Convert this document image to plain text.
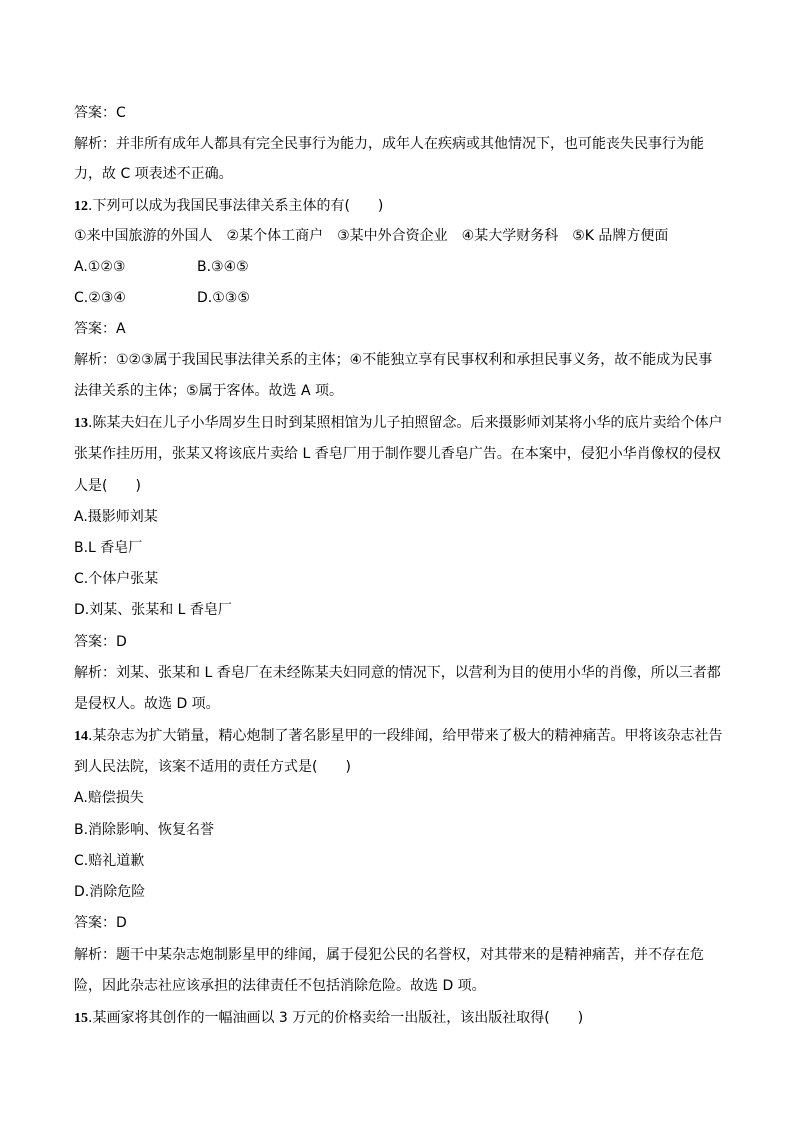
答案：C
解析：并非所有成年人都具有完全民事行为能力，成年人在疾病或其他情况下，也可能丧失民事行为能
力，故 C 项表述不正确。
12.下列可以成为我国民事法律关系主体的有(　　)
①来中国旅游的外国人　②某个体工商户　③某中外合资企业　④某大学财务科　⑤K 品牌方便面
A.①②③	B.③④⑤
C.②③④	D.①③⑤
答案：A
解析：①②③属于我国民事法律关系的主体；④不能独立享有民事权利和承担民事义务，故不能成为民事
法律关系的主体；⑤属于客体。故选 A 项。
13.陈某夫妇在儿子小华周岁生日时到某照相馆为儿子拍照留念。后来摄影师刘某将小华的底片卖给个体户
张某作挂历用，张某又将该底片卖给 L 香皂厂用于制作婴儿香皂广告。在本案中，侵犯小华肖像权的侵权
人是(　　)
A.摄影师刘某
B.L 香皂厂
C.个体户张某
D.刘某、张某和 L 香皂厂
答案：D
解析：刘某、张某和 L 香皂厂在未经陈某夫妇同意的情况下，以营利为目的使用小华的肖像，所以三者都
是侵权人。故选 D 项。
14.某杂志为扩大销量，精心炮制了著名影星甲的一段绯闻，给甲带来了极大的精神痛苦。甲将该杂志社告
到人民法院，该案不适用的责任方式是(　　)
A.赔偿损失
B.消除影响、恢复名誉
C.赔礼道歉
D.消除危险
答案：D
解析：题干中某杂志炮制影星甲的绯闻，属于侵犯公民的名誉权，对其带来的是精神痛苦，并不存在危
险，因此杂志社应该承担的法律责任不包括消除危险。故选 D 项。
15.某画家将其创作的一幅油画以 3 万元的价格卖给一出版社，该出版社取得(　　)
